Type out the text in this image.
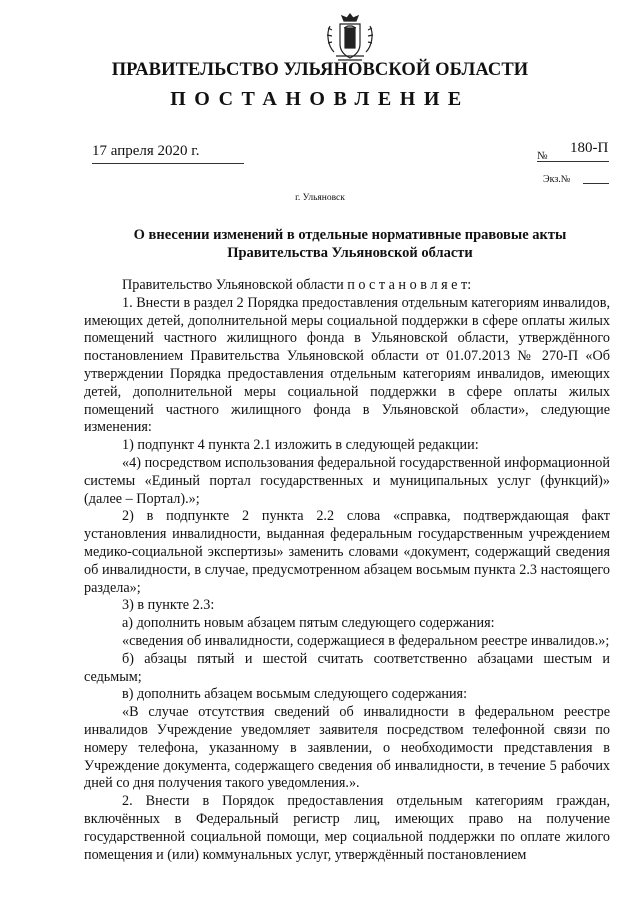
ПРАВИТЕЛЬСТВО УЛЬЯНОВСКОЙ ОБЛАСТИ
ПОСТАНОВЛЕНИЕ
17 апреля 2020 г.	№ 180-П
Экз.№
г. Ульяновск
О внесении изменений в отдельные нормативные правовые акты
Правительства Ульяновской области

Правительство Ульяновской области п о с т а н о в л я е т:

1. Внести в раздел 2 Порядка предоставления отдельным категориям инвалидов, имеющих детей, дополнительной меры социальной поддержки в сфере оплаты жилых помещений частного жилищного фонда в Ульяновской области, утверждённого постановлением Правительства Ульяновской области от 01.07.2013 № 270-П «Об утверждении Порядка предоставления отдельным категориям инвалидов, имеющих детей, дополнительной меры социальной поддержки в сфере оплаты жилых помещений частного жилищного фонда в Ульяновской области», следующие изменения:

1) подпункт 4 пункта 2.1 изложить в следующей редакции:

«4) посредством использования федеральной государственной информационной системы «Единый портал государственных и муниципальных услуг (функций)» (далее – Портал).»;

2) в подпункте 2 пункта 2.2 слова «справка, подтверждающая факт установления инвалидности, выданная федеральным государственным учреждением медико-социальной экспертизы» заменить словами «документ, содержащий сведения об инвалидности, в случае, предусмотренном абзацем восьмым пункта 2.3 настоящего раздела»;

3) в пункте 2.3:

а) дополнить новым абзацем пятым следующего содержания:

«сведения об инвалидности, содержащиеся в федеральном реестре инвалидов.»;

б) абзацы пятый и шестой считать соответственно абзацами шестым и седьмым;

в) дополнить абзацем восьмым следующего содержания:

«В случае отсутствия сведений об инвалидности в федеральном реестре инвалидов Учреждение уведомляет заявителя посредством телефонной связи по номеру телефона, указанному в заявлении, о необходимости представления в Учреждение документа, содержащего сведения об инвалидности, в течение 5 рабочих дней со дня получения такого уведомления.».

2. Внести в Порядок предоставления отдельным категориям граждан, включённых в Федеральный регистр лиц, имеющих право на получение государственной социальной помощи, мер социальной поддержки по оплате жилого помещения и (или) коммунальных услуг, утверждённый постановлением
